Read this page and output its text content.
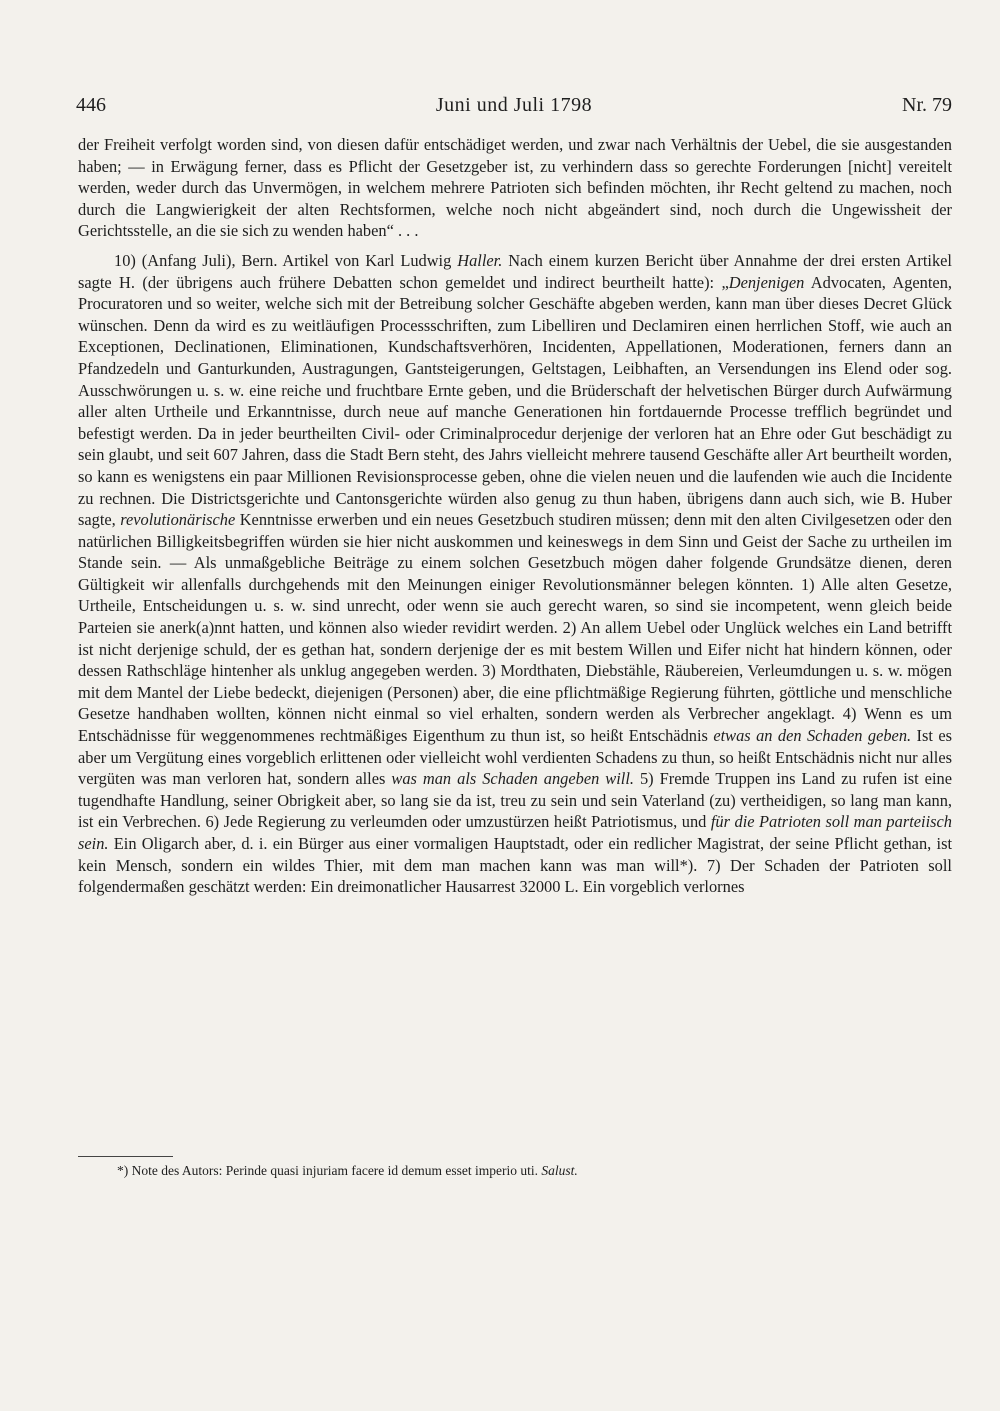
446	Juni und Juli 1798	Nr. 79

der Freiheit verfolgt worden sind, von diesen dafür entschädiget werden, und zwar nach Verhältnis der Uebel, die sie ausgestanden haben; — in Erwägung ferner, dass es Pflicht der Gesetzgeber ist, zu verhindern dass so gerechte Forderungen [nicht] vereitelt werden, weder durch das Unvermögen, in welchem mehrere Patrioten sich befinden möchten, ihr Recht geltend zu machen, noch durch die Langwierigkeit der alten Rechtsformen, welche noch nicht abgeändert sind, noch durch die Ungewissheit der Gerichtsstelle, an die sie sich zu wenden haben“ . . .

10) (Anfang Juli), Bern. Artikel von Karl Ludwig Haller. Nach einem kurzen Bericht über Annahme der drei ersten Artikel sagte H. (der übrigens auch frühere Debatten schon gemeldet und indirect beurtheilt hatte): „Denjenigen Advocaten, Agenten, Procuratoren und so weiter, welche sich mit der Betreibung solcher Geschäfte abgeben werden, kann man über dieses Decret Glück wünschen. Denn da wird es zu weitläufigen Processschriften, zum Libelliren und Declamiren einen herrlichen Stoff, wie auch an Exceptionen, Declinationen, Eliminationen, Kundschaftsverhören, Incidenten, Appellationen, Moderationen, ferners dann an Pfandzedeln und Ganturkunden, Austragungen, Gantsteigerungen, Geltstagen, Leibhaften, an Versendungen ins Elend oder sog. Ausschwörungen u. s. w. eine reiche und fruchtbare Ernte geben, und die Brüderschaft der helvetischen Bürger durch Aufwärmung aller alten Urtheile und Erkanntnisse, durch neue auf manche Generationen hin fortdauernde Processe trefflich begründet und befestigt werden. Da in jeder beurtheilten Civil- oder Criminalprocedur derjenige der verloren hat an Ehre oder Gut beschädigt zu sein glaubt, und seit 607 Jahren, dass die Stadt Bern steht, des Jahrs vielleicht mehrere tausend Geschäfte aller Art beurtheilt worden, so kann es wenigstens ein paar Millionen Revisionsprocesse geben, ohne die vielen neuen und die laufenden wie auch die Incidente zu rechnen. Die Districtsgerichte und Cantonsgerichte würden also genug zu thun haben, übrigens dann auch sich, wie B. Huber sagte, revolutionärische Kenntnisse erwerben und ein neues Gesetzbuch studiren müssen; denn mit den alten Civilgesetzen oder den natürlichen Billigkeitsbegriffen würden sie hier nicht auskommen und keineswegs in dem Sinn und Geist der Sache zu urtheilen im Stande sein. — Als unmaßgebliche Beiträge zu einem solchen Gesetzbuch mögen daher folgende Grundsätze dienen, deren Gültigkeit wir allenfalls durchgehends mit den Meinungen einiger Revolutionsmänner belegen könnten. 1) Alle alten Gesetze, Urtheile, Entscheidungen u. s. w. sind unrecht, oder wenn sie auch gerecht waren, so sind sie incompetent, wenn gleich beide Parteien sie anerk(a)nnt hatten, und können also wieder revidirt werden. 2) An allem Uebel oder Unglück welches ein Land betrifft ist nicht derjenige schuld, der es gethan hat, sondern derjenige der es mit bestem Willen und Eifer nicht hat hindern können, oder dessen Rathschläge hintenher als unklug angegeben werden. 3) Mordthaten, Diebstähle, Räubereien, Verleumdungen u. s. w. mögen mit dem Mantel der Liebe bedeckt, diejenigen (Personen) aber, die eine pflichtmäßige Regierung führten, göttliche und menschliche Gesetze handhaben wollten, können nicht einmal so viel erhalten, sondern werden als Verbrecher angeklagt. 4) Wenn es um Entschädnisse für weggenommenes rechtmäßiges Eigenthum zu thun ist, so heißt Entschädnis etwas an den Schaden geben. Ist es aber um Vergütung eines vorgeblich erlittenen oder vielleicht wohl verdienten Schadens zu thun, so heißt Entschädnis nicht nur alles vergüten was man verloren hat, sondern alles was man als Schaden angeben will. 5) Fremde Truppen ins Land zu rufen ist eine tugendhafte Handlung, seiner Obrigkeit aber, so lang sie da ist, treu zu sein und sein Vaterland (zu) vertheidigen, so lang man kann, ist ein Verbrechen. 6) Jede Regierung zu verleumden oder umzustürzen heißt Patriotismus, und für die Patrioten soll man parteiisch sein. Ein Oligarch aber, d. i. ein Bürger aus einer vormaligen Hauptstadt, oder ein redlicher Magistrat, der seine Pflicht gethan, ist kein Mensch, sondern ein wildes Thier, mit dem man machen kann was man will*). 7) Der Schaden der Patrioten soll folgendermaßen geschätzt werden: Ein dreimonatlicher Hausarrest 32000 L. Ein vorgeblich verlornes

*) Note des Autors: Perinde quasi injuriam facere id demum esset imperio uti. Salust.
